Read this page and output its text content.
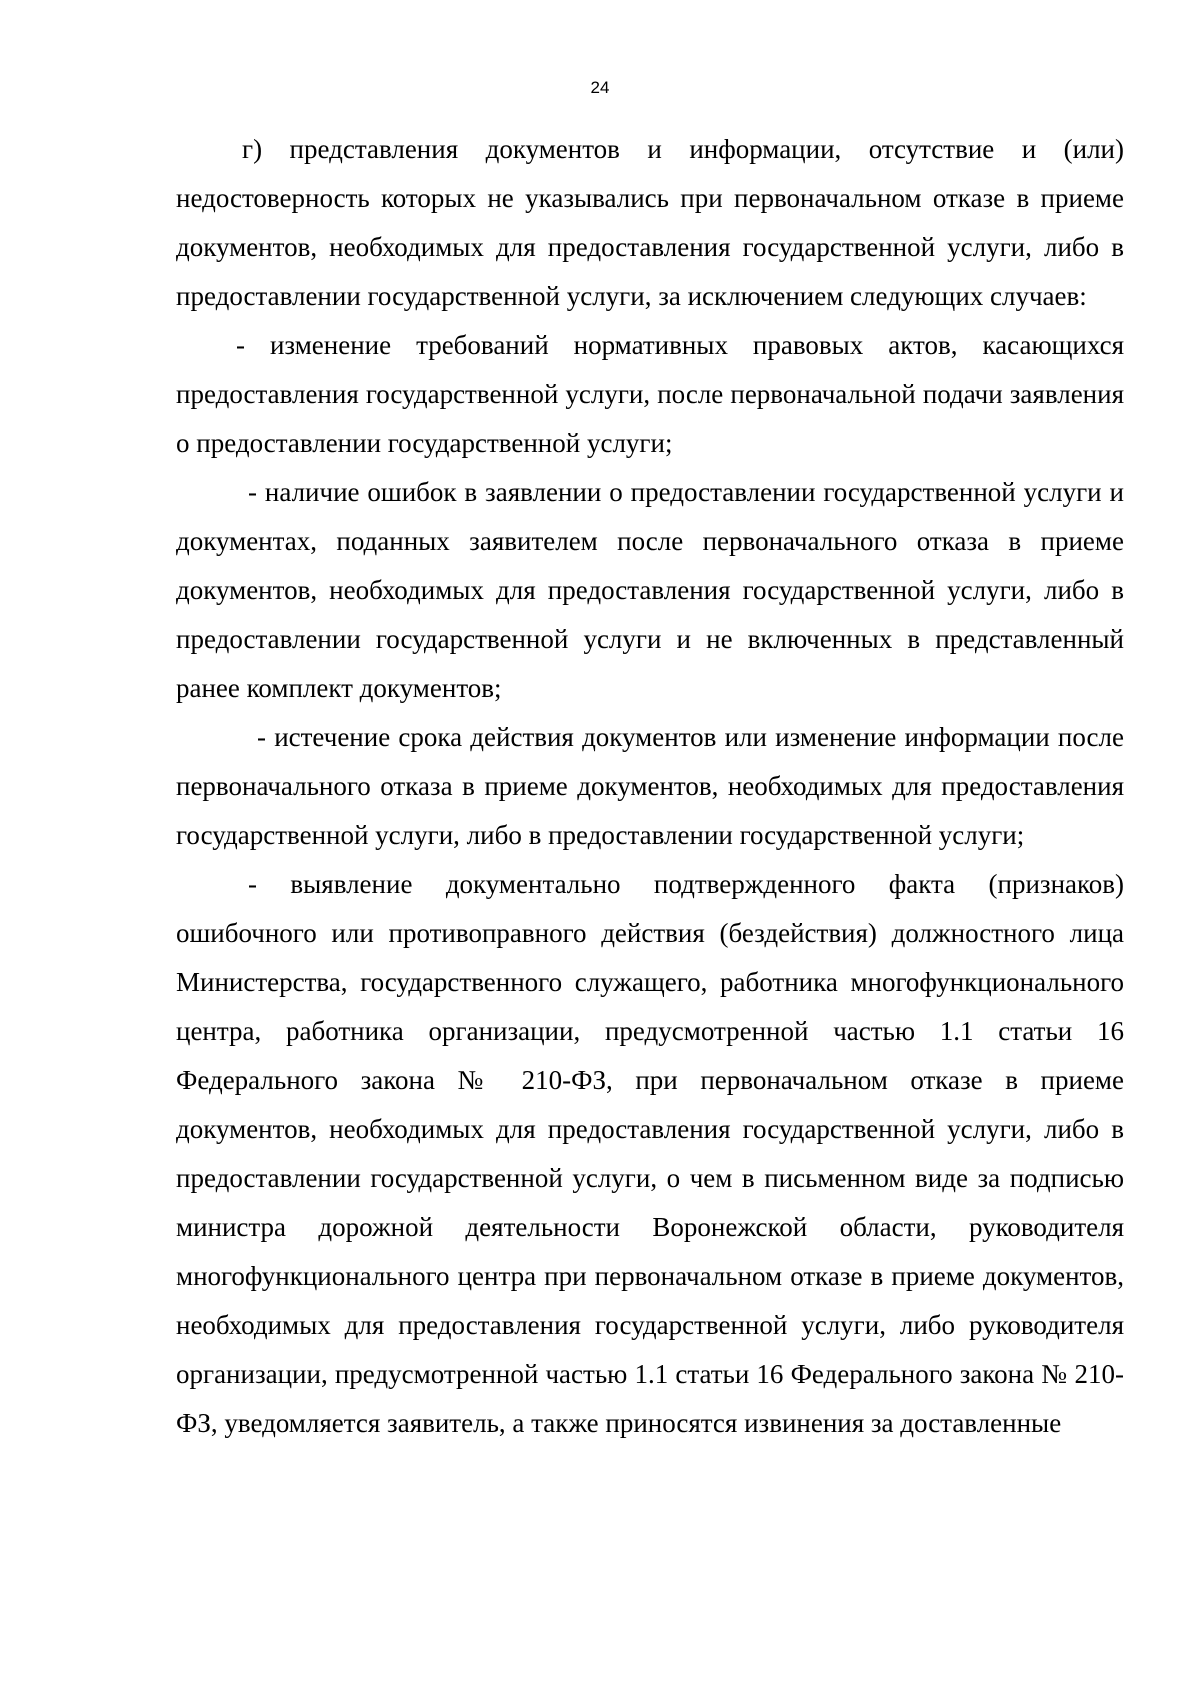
24

г) представления документов и информации, отсутствие и (или) недостоверность которых не указывались при первоначальном отказе в приеме документов, необходимых для предоставления государственной услуги, либо в предоставлении государственной услуги, за исключением следующих случаев:

- изменение требований нормативных правовых актов, касающихся предоставления государственной услуги, после первоначальной подачи заявления о предоставлении государственной услуги;

- наличие ошибок в заявлении о предоставлении государственной услуги и документах, поданных заявителем после первоначального отказа в приеме документов, необходимых для предоставления государственной услуги, либо в предоставлении государственной услуги и не включенных в представленный ранее комплект документов;

- истечение срока действия документов или изменение информации после первоначального отказа в приеме документов, необходимых для предоставления государственной услуги, либо в предоставлении государственной услуги;

- выявление документально подтвержденного факта (признаков) ошибочного или противоправного действия (бездействия) должностного лица Министерства, государственного служащего, работника многофункционального центра, работника организации, предусмотренной частью 1.1 статьи 16 Федерального закона № 210-ФЗ, при первоначальном отказе в приеме документов, необходимых для предоставления государственной услуги, либо в предоставлении государственной услуги, о чем в письменном виде за подписью министра дорожной деятельности Воронежской области, руководителя многофункционального центра при первоначальном отказе в приеме документов, необходимых для предоставления государственной услуги, либо руководителя организации, предусмотренной частью 1.1 статьи 16 Федерального закона № 210-ФЗ, уведомляется заявитель, а также приносятся извинения за доставленные
